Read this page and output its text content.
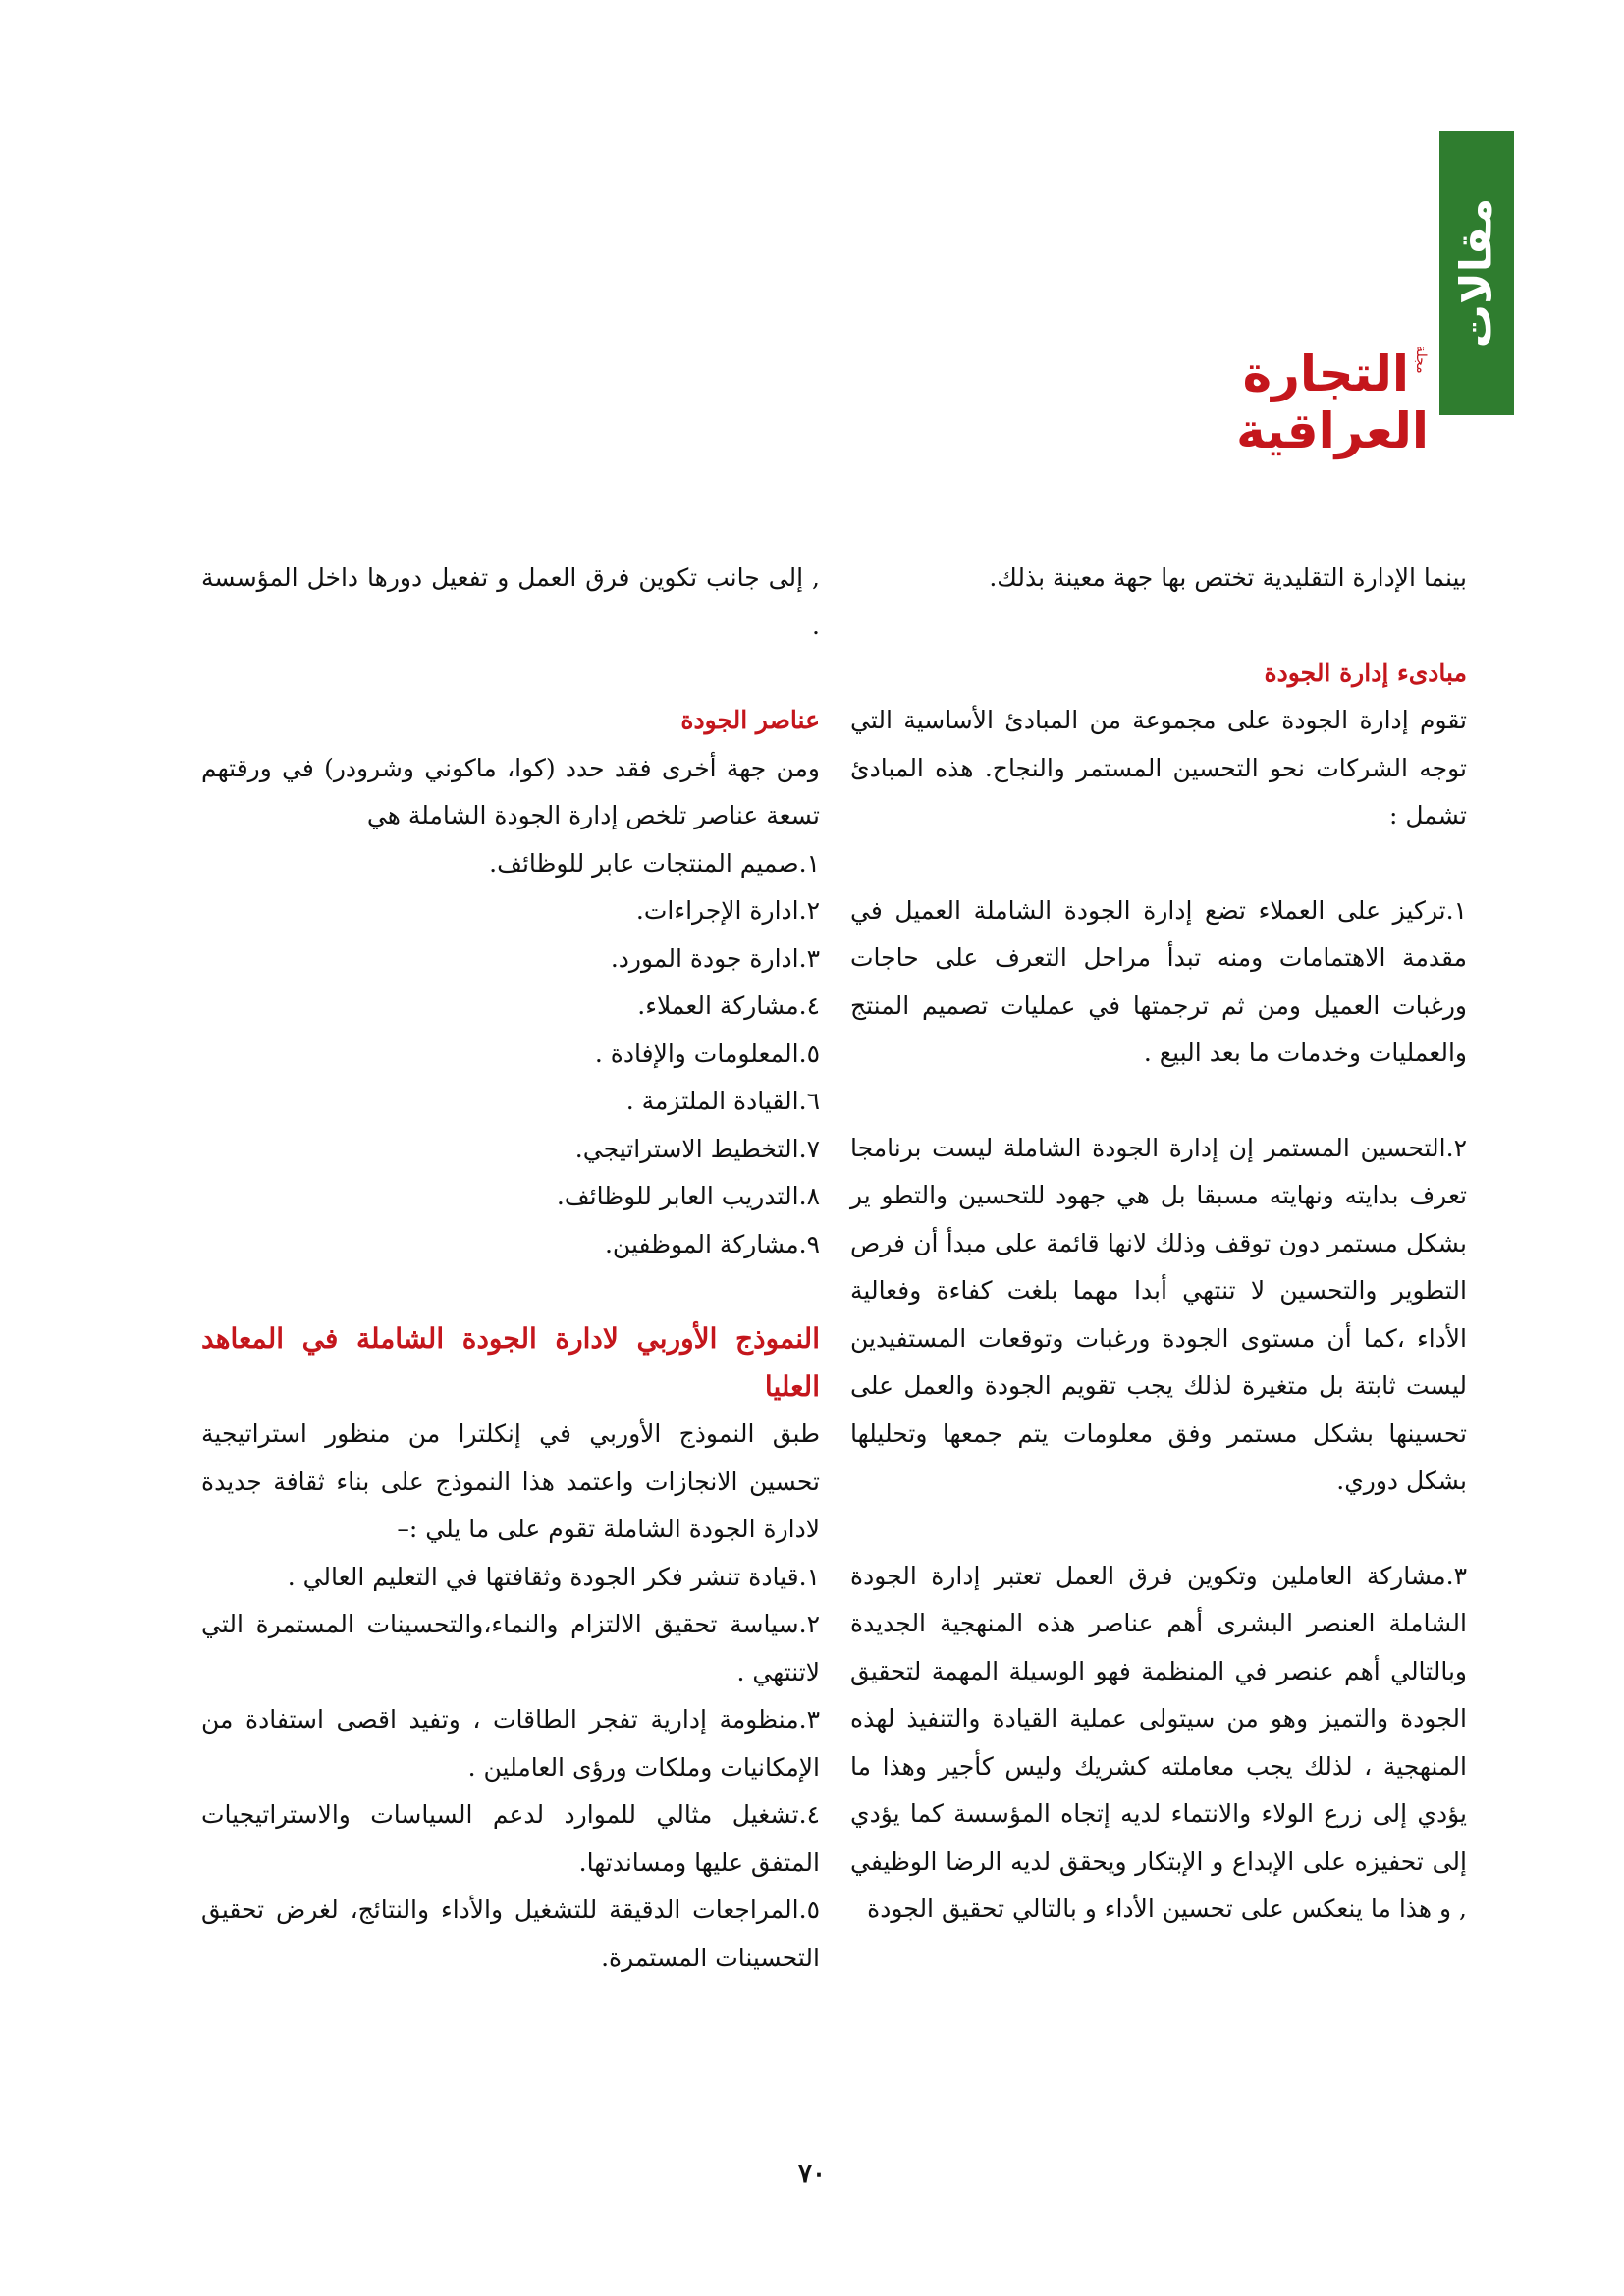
مقالات
مجلةالتجارة العراقية

بينما الإدارة التقليدية تختص بها جهة معينة بذلك.

مبادىء إدارة الجودة

تقوم إدارة الجودة على مجموعة من المبادئ الأساسية التي توجه الشركات نحو التحسين المستمر والنجاح. هذه المبادئ تشمل :

١.تركيز على العملاء تضع إدارة الجودة الشاملة العميل في مقدمة الاهتمامات ومنه تبدأ مراحل التعرف على حاجات ورغبات العميل ومن ثم ترجمتها في عمليات تصميم المنتج والعمليات وخدمات ما بعد البيع .

٢.التحسين المستمر إن إدارة الجودة الشاملة ليست برنامجا تعرف بدايته ونهايته مسبقا بل هي جهود للتحسين والتطو ير بشكل مستمر دون توقف وذلك لانها قائمة على مبدأ أن فرص التطوير والتحسين لا تنتهي أبدا مهما بلغت كفاءة وفعالية الأداء ،كما أن مستوى الجودة ورغبات وتوقعات المستفيدين ليست ثابتة بل متغيرة لذلك يجب تقويم الجودة والعمل على تحسينها بشكل مستمر وفق معلومات يتم جمعها وتحليلها بشكل دوري.

٣.مشاركة العاملين وتكوين فرق العمل تعتبر إدارة الجودة الشاملة العنصر البشرى أهم عناصر هذه المنهجية الجديدة وبالتالي أهم عنصر في المنظمة فهو الوسيلة المهمة لتحقيق الجودة والتميز وهو من سيتولى عملية القيادة والتنفيذ لهذه المنهجية ، لذلك يجب معاملته كشريك وليس كأجير وهذا ما يؤدي إلى زرع الولاء والانتماء لديه إتجاه المؤسسة كما يؤدي إلى تحفيزه على الإبداع و الإبتكار ويحقق لديه الرضا الوظيفي , و هذا ما ينعكس على تحسين الأداء و بالتالي تحقيق الجودة

, إلى جانب تكوين فرق العمل و تفعيل دورها داخل المؤسسة .

عناصر الجودة

ومن جهة أخرى فقد حدد (كوا، ماكوني وشرودر) في ورقتهم تسعة عناصر تلخص إدارة الجودة الشاملة هي

١.صميم المنتجات عابر للوظائف.

٢.ادارة الإجراءات.

٣.ادارة جودة المورد.

٤.مشاركة العملاء.

٥.المعلومات والإفادة .

٦.القيادة الملتزمة .

٧.التخطيط الاستراتيجي.

٨.التدريب العابر للوظائف.

٩.مشاركة الموظفين.

النموذج الأوربي لادارة الجودة الشاملة في المعاهد العليا

طبق النموذج الأوربي في إنكلترا من منظور استراتيجية تحسين الانجازات واعتمد هذا النموذج على بناء ثقافة جديدة لادارة الجودة الشاملة تقوم على ما يلي :–

١.قيادة تنشر فكر الجودة وثقافتها في التعليم العالي .

٢.سياسة تحقيق الالتزام والنماء،والتحسينات المستمرة التي لاتنتهي .

٣.منظومة إدارية تفجر الطاقات ، وتفيد اقصى استفادة من الإمكانيات وملكات ورؤى العاملين .

٤.تشغيل مثالي للموارد لدعم السياسات والاستراتيجيات المتفق عليها ومساندتها.

٥.المراجعات الدقيقة للتشغيل والأداء والنتائج، لغرض تحقيق التحسينات المستمرة.

٧٠
